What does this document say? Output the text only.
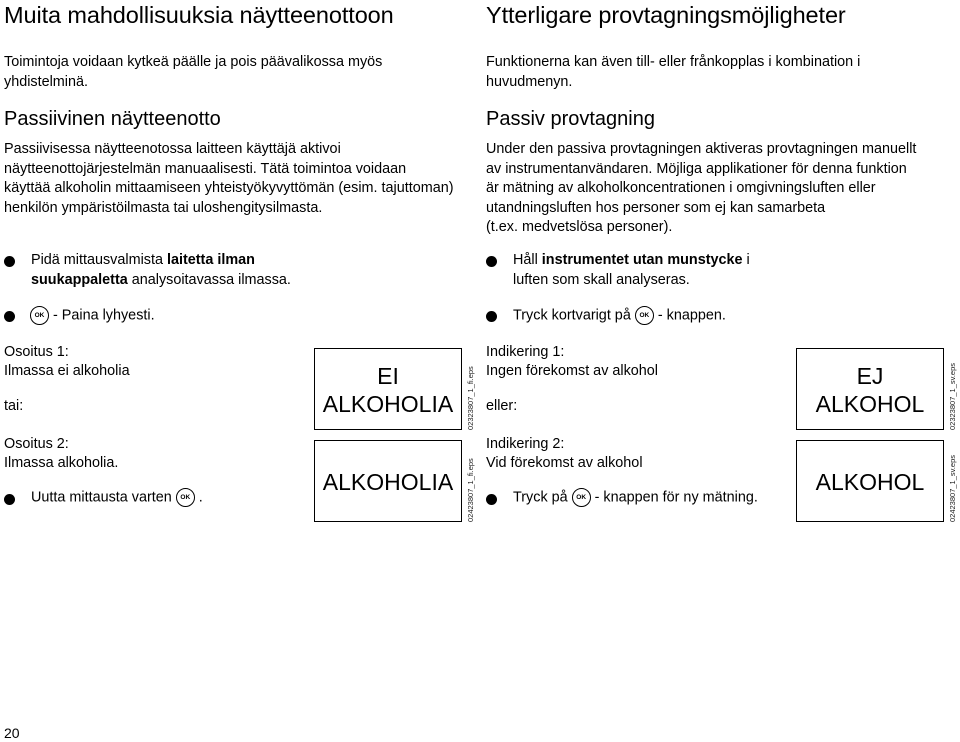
Muita mahdollisuuksia näytteenottoon
Toimintoja voidaan kytkeä päälle ja pois päävalikossa myös
yhdistelminä.
Passiivinen näytteenotto
Passiivisessa näytteenotossa laitteen käyttäjä aktivoi
näytteenottojärjestelmän manuaalisesti. Tätä toimintoa voidaan
käyttää alkoholin mittaamiseen yhteistyökyvyttömän (esim. tajuttoman)
henkilön ympäristöilmasta tai uloshengitysilmasta.
Pidä mittausvalmista laitetta ilman
suukappaletta analysoitavassa ilmassa.
OK - Paina lyhyesti.
Osoitus 1:
Ilmassa ei alkoholia
tai:
Osoitus 2:
Ilmassa alkoholia.
Uutta mittausta varten OK .
EI
ALKOHOLIA	02323807_1_fi.eps
ALKOHOLIA	02423807_1_fi.eps
Ytterligare provtagningsmöjligheter
Funktionerna kan även till- eller frånkopplas i kombination i
huvudmenyn.
Passiv provtagning
Under den passiva provtagningen aktiveras provtagningen manuellt
av instrumentanvändaren. Möjliga applikationer för denna funktion
är mätning av alkoholkoncentrationen i omgivningsluften eller
utandningsluften hos personer som ej kan samarbeta
(t.ex. medvetslösa personer).
Håll instrumentet utan munstycke i
luften som skall analyseras.
Tryck kortvarigt på OK - knappen.
Indikering 1:
Ingen förekomst av alkohol
eller:
Indikering 2:
Vid förekomst av alkohol
Tryck på OK - knappen för ny mätning.
EJ
ALKOHOL	02323807_1_sv.eps
ALKOHOL	02423807_1_sv.eps
20
